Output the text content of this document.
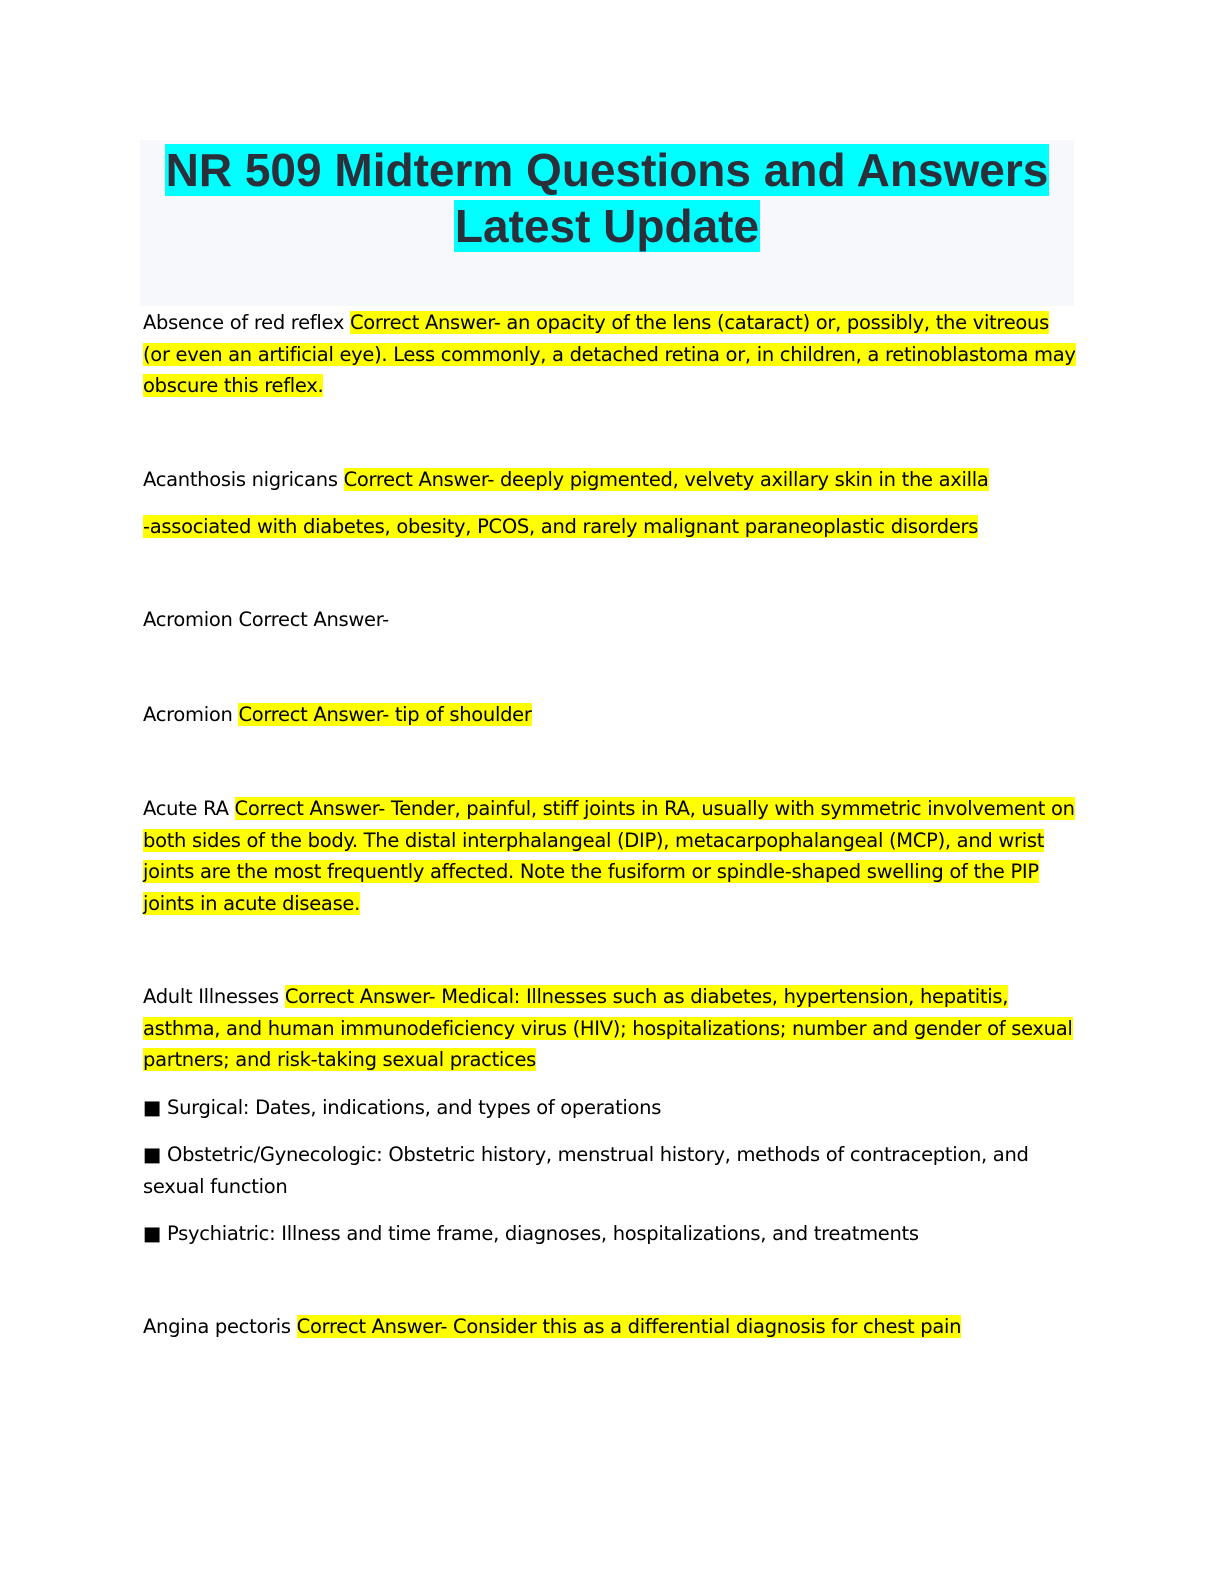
NR 509 Midterm Questions and Answers
Latest Update

Absence of red reflex Correct Answer- an opacity of the lens (cataract) or, possibly, the vitreous (or even an artificial eye). Less commonly, a detached retina or, in children, a retinoblastoma may obscure this reflex.

Acanthosis nigricans Correct Answer- deeply pigmented, velvety axillary skin in the axilla

-associated with diabetes, obesity, PCOS, and rarely malignant paraneoplastic disorders

Acromion Correct Answer-

Acromion Correct Answer- tip of shoulder

Acute RA Correct Answer- Tender, painful, stiff joints in RA, usually with symmetric involvement on both sides of the body. The distal interphalangeal (DIP), metacarpophalangeal (MCP), and wrist joints are the most frequently affected. Note the fusiform or spindle-shaped swelling of the PIP joints in acute disease.

Adult Illnesses Correct Answer- Medical: Illnesses such as diabetes, hypertension, hepatitis, asthma, and human immunodeficiency virus (HIV); hospitalizations; number and gender of sexual partners; and risk-taking sexual practices

■ Surgical: Dates, indications, and types of operations

■ Obstetric/Gynecologic: Obstetric history, menstrual history, methods of contraception, and sexual function

■ Psychiatric: Illness and time frame, diagnoses, hospitalizations, and treatments

Angina pectoris Correct Answer- Consider this as a differential diagnosis for chest pain
